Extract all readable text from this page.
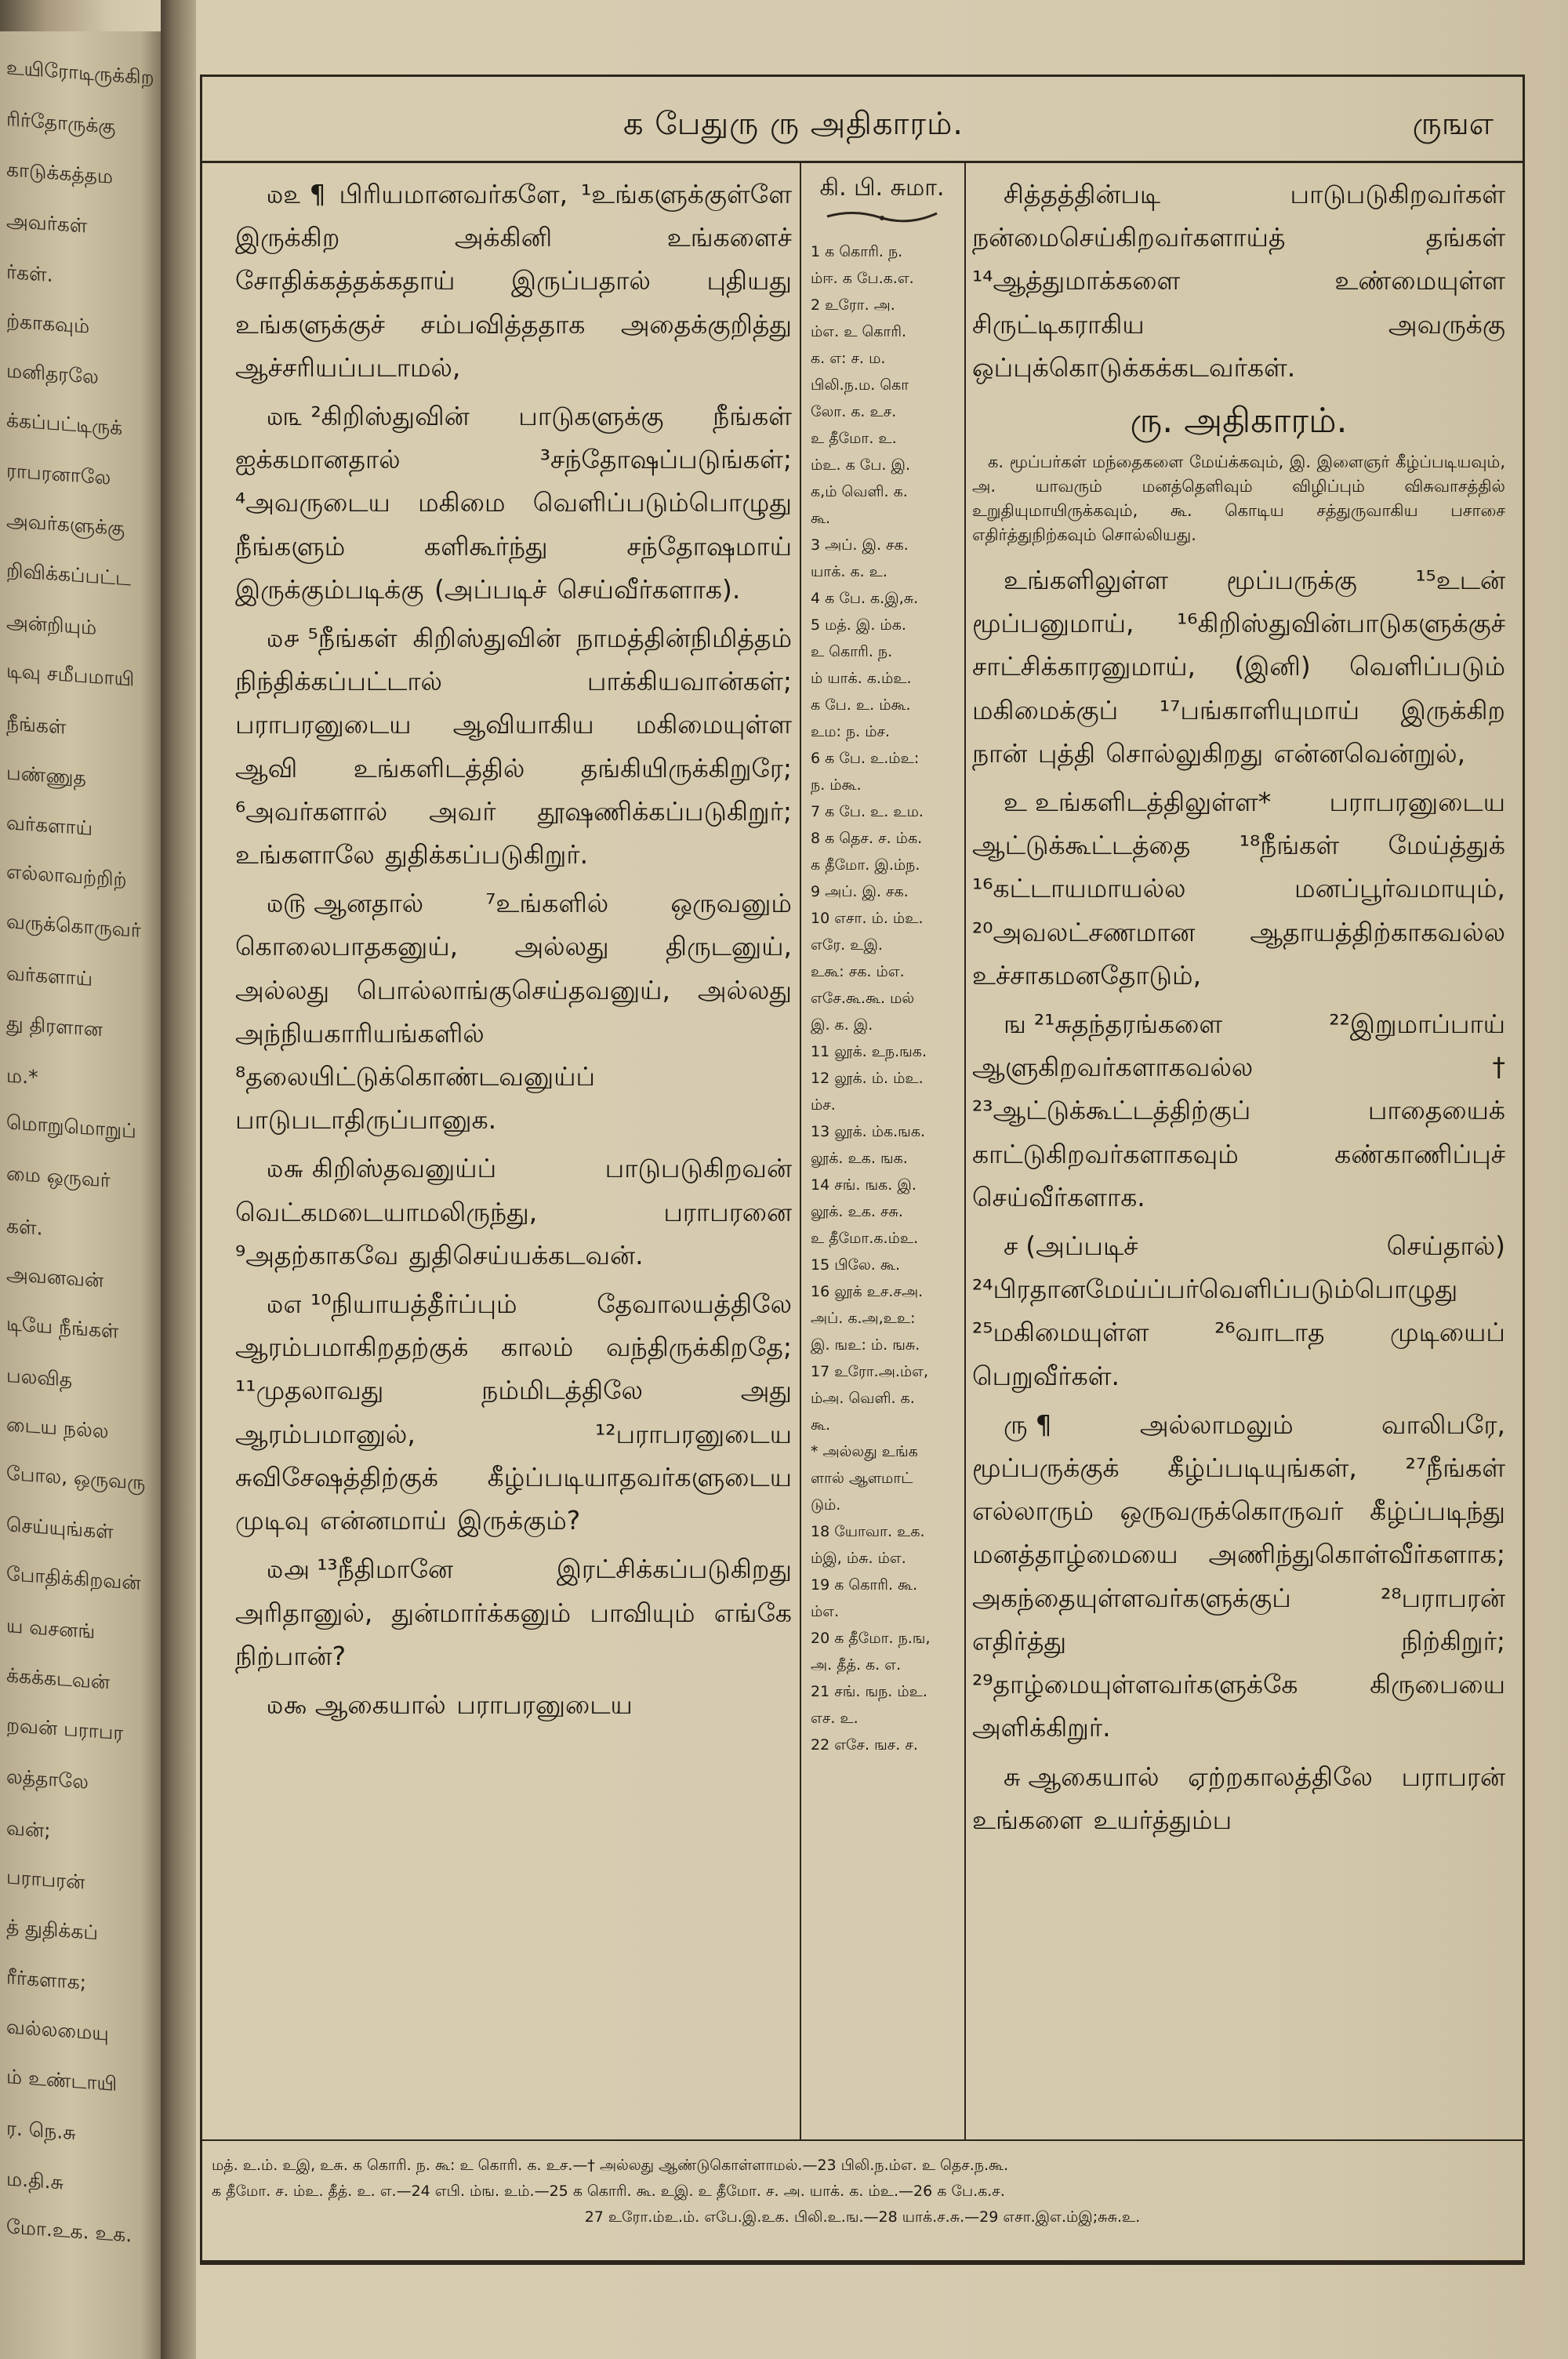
உயிரோடிருக்கிற
ரிர்தோருக்கு
காடுக்கத்தம
அவர்கள்
ர்கள்.
ற்காகவும்
மனிதரலே
க்கப்பட்டிருக்
ராபரனாலே
அவர்களுக்கு
றிவிக்கப்பட்ட
அன்றியும்
டிவு சமீபமாயி
நீங்கள்
பண்ணுத
வர்களாய்
எல்லாவற்றிற்
வருக்கொருவர்
வர்களாய்
து திரளான
ம.*
மொறுமொறுப்
மை ஒருவர்
கள்.
அவனவன்
டியே நீங்கள்
பலவித
டைய நல்ல
போல, ஒருவரு
செய்யுங்கள்
போதிக்கிறவன்
ய வசனங்
க்கக்கடவன்
றவன் பராபர
லத்தாலே
வன்;
பராபரன்
த் துதிக்கப்
ரீர்களாக;
வல்லமையு
ம் உண்டாயி
ர. நெ.சு
ம.தி.சு
மோ.உக. உக.
க பேதுரு ரு அதிகாரம்.	ருஙஎ

௰௨ ¶ பிரியமானவர்களே, ¹உங்களுக்குள்ளே இருக்கிற அக்கினி உங்களைச் சோதிக்கத்தக்கதாய் இருப்பதால் புதியது உங்களுக்குச் சம்பவித்ததாக அதைக்குறித்து ஆச்சரியப்படாமல்,

௰௩ ²கிறிஸ்துவின் பாடுகளுக்கு நீங்கள் ஐக்கமானதால் ³சந்தோஷப்படுங்கள்; ⁴அவருடைய மகிமை வெளிப்படும்பொழுது நீங்களும் களிகூர்ந்து சந்தோஷமாய் இருக்கும்படிக்கு (அப்படிச் செய்வீர்களாக).

௰௪ ⁵நீங்கள் கிறிஸ்துவின் நாமத்தின்நிமித்தம் நிந்திக்கப்பட்டால் பாக்கியவான்கள்; பராபரனுடைய ஆவியாகிய மகிமையுள்ள ஆவி உங்களிடத்தில் தங்கியிருக்கிறுரே; ⁶அவர்களால் அவர் தூஷணிக்கப்படுகிறுர்; உங்களாலே துதிக்கப்படுகிறுர்.

௰௫ ஆனதால் ⁷உங்களில் ஒருவனும் கொலைபாதகனுய், அல்லது திருடனுய், அல்லது பொல்லாங்குசெய்தவனுய், அல்லது அந்நியகாரியங்களில் ⁸தலையிட்டுக்கொண்டவனுய்ப் பாடுபடாதிருப்பானுக.

௰௬ கிறிஸ்தவனுய்ப் பாடுபடுகிறவன் வெட்கமடையாமலிருந்து, பராபரனை ⁹அதற்காகவே துதிசெய்யக்கடவன்.

௰௭ ¹⁰நியாயத்தீர்ப்பும் தேவாலயத்திலே ஆரம்பமாகிறதற்குக் காலம் வந்திருக்கிறதே; ¹¹முதலாவது நம்மிடத்திலே அது ஆரம்பமானுல், ¹²பராபரனுடைய சுவிசேஷத்திற்குக் கீழ்ப்படியாதவர்களுடைய முடிவு என்னமாய் இருக்கும்?

௰௮ ¹³நீதிமானே இரட்சிக்கப்படுகிறது அரிதானுல், துன்மார்க்கனும் பாவியும் எங்கே நிற்பான்?

௰௯ ஆகையால் பராபரனுடைய

கி. பி. சுமா.

1 க கொரி. ந.

ம்ஈ. க பே.க.எ.

2 உரோ. அ.

ம்எ. உ கொரி.

க. எ: ச. ம.

பிலி.ந.ம. கொ

லோ. க. உச.

உ தீமோ. உ.

ம்உ. க பே. இ.

க,ம் வெளி. க.

கூ.

3 அப். இ. சக.

யாக். க. உ.

4 க பே. க.இ,சு.

5 மத். இ. ம்க.

உ கொரி. ந.

ம் யாக். க.ம்உ.

க பே. உ. ம்கூ.

உம: ந. ம்ச.

6 க பே. உ.ம்உ:

ந. ம்கூ.

7 க பே. உ. உம.

8 க தெச. ச. ம்க.

க தீமோ. இ.ம்ந.

9 அப். இ. சக.

10 எசா. ம். ம்உ.

எரே. உஇ.

உகூ: சக. ம்எ.

எசே.கூ.கூ. மல்

இ. க. இ.

11 லூக். உந.ஙக.

12 லூக். ம். ம்உ.

ம்ச.

13 லூக். ம்க.ஙக.

லூக். உக. ஙக.

14 சங். ஙக. இ.

லூக். உக. சசு.

உ தீமோ.க.ம்உ.

15 பிலே. கூ.

16 லூக் உச.சஅ.

அப். க.அ,உஉ:

இ. ஙஉ: ம். ஙசு.

17 உரோ.அ.ம்எ,

ம்அ. வெளி. க.

கூ.

* அல்லது உங்க

ளால் ஆளமாட்

டும்.

18 யோவா. உக.

ம்இ, ம்சு. ம்எ.

19 க கொரி. கூ.

ம்எ.

20 க தீமோ. ந.ங,

அ. தீத். க. எ.

21 சங். ஙந. ம்உ.

எச. உ.

22 எசே. ஙச. ச.

சித்தத்தின்படி பாடுபடுகிறவர்கள் நன்மைசெய்கிறவர்களாய்த் தங்கள் ¹⁴ஆத்துமாக்களை உண்மையுள்ள சிருட்டிகராகிய அவருக்கு ஒப்புக்கொடுக்கக்கடவர்கள்.

ரு. அதிகாரம்.

க. மூப்பர்கள் மந்தைகளை மேய்க்கவும், இ. இளைஞர் கீழ்ப்படியவும், அ. யாவரும் மனத்தெளிவும் விழிப்பும் விசுவாசத்தில் உறுதியுமாயிருக்கவும், கூ. கொடிய சத்துருவாகிய பசாசை எதிர்த்துநிற்கவும் சொல்லியது.

உங்களிலுள்ள மூப்பருக்கு ¹⁵உடன் மூப்பனுமாய், ¹⁶கிறிஸ்துவின்பாடுகளுக்குச் சாட்சிக்காரனுமாய், (இனி) வெளிப்படும் மகிமைக்குப் ¹⁷பங்காளியுமாய் இருக்கிற நான் புத்தி சொல்லுகிறது என்னவென்றுல்,

உ உங்களிடத்திலுள்ள* பராபரனுடைய ஆட்டுக்கூட்டத்தை ¹⁸நீங்கள் மேய்த்துக் ¹⁶கட்டாயமாயல்ல மனப்பூர்வமாயும், ²⁰அவலட்சணமான ஆதாயத்திற்காகவல்ல உச்சாகமனதோடும்,

ங ²¹சுதந்தரங்களை ²²இறுமாப்பாய் ஆளுகிறவர்களாகவல்ல† ²³ஆட்டுக்கூட்டத்திற்குப் பாதையைக் காட்டுகிறவர்களாகவும் கண்காணிப்புச் செய்வீர்களாக.

ச (அப்படிச் செய்தால்) ²⁴பிரதானமேய்ப்பர்வெளிப்படும்பொழுது ²⁵மகிமையுள்ள ²⁶வாடாத முடியைப் பெறுவீர்கள்.

ரு ¶ அல்லாமலும் வாலிபரே, மூப்பருக்குக் கீழ்ப்படியுங்கள், ²⁷நீங்கள் எல்லாரும் ஒருவருக்கொருவர் கீழ்ப்படிந்து மனத்தாழ்மையை அணிந்துகொள்வீர்களாக; அகந்தையுள்ளவர்களுக்குப் ²⁸பராபரன் எதிர்த்து நிற்கிறுர்; ²⁹தாழ்மையுள்ளவர்களுக்கே கிருபையை அளிக்கிறுர்.

சு ஆகையால் ஏற்றகாலத்திலே பராபரன் உங்களை உயர்த்தும்ப

மத். உ.ம். உஇ, உசு. க கொரி. ந. கூ: உ கொரி. க. உச.—† அல்லது ஆண்டுகொள்ளாமல்.—23 பிலி.ந.ம்எ. உ தெச.ந.கூ.

க தீமோ. ச. ம்உ. தீத். உ. எ.—24 எபி. ம்ங. உம்.—25 க கொரி. கூ. உஇ. உ தீமோ. ச. அ. யாக். க. ம்உ.—26 க பே.க.ச.

27 உரோ.ம்உ.ம். எபே.இ.உக. பிலி.உ.ங.—28 யாக்.ச.சு.—29 எசா.இஎ.ம்இ;சுசு.உ.
